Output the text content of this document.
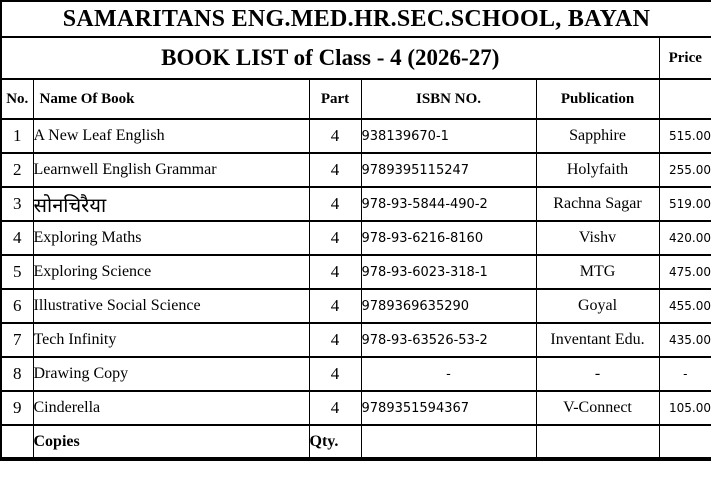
SAMARITANS ENG.MED.HR.SEC.SCHOOL, BAYAN					
BOOK LIST of Class - 4 (2026-27)					Price
No.	Name Of Book	Part	ISBN NO.	Publication	
1	A New Leaf English	4	938139670-1	Sapphire	515.00
2	Learnwell English Grammar	4	9789395115247	Holyfaith	255.00
3	सोनचिरैया	4	978-93-5844-490-2	Rachna Sagar	519.00
4	Exploring Maths	4	978-93-6216-8160	Vishv	420.00
5	Exploring Science	4	978-93-6023-318-1	MTG	475.00
6	Illustrative Social Science	4	9789369635290	Goyal	455.00
7	Tech Infinity	4	978-93-63526-53-2	Inventant Edu.	435.00
8	Drawing Copy	4	-	-	-
9	Cinderella	4	9789351594367	V-Connect	105.00
	Copies	Qty.			
